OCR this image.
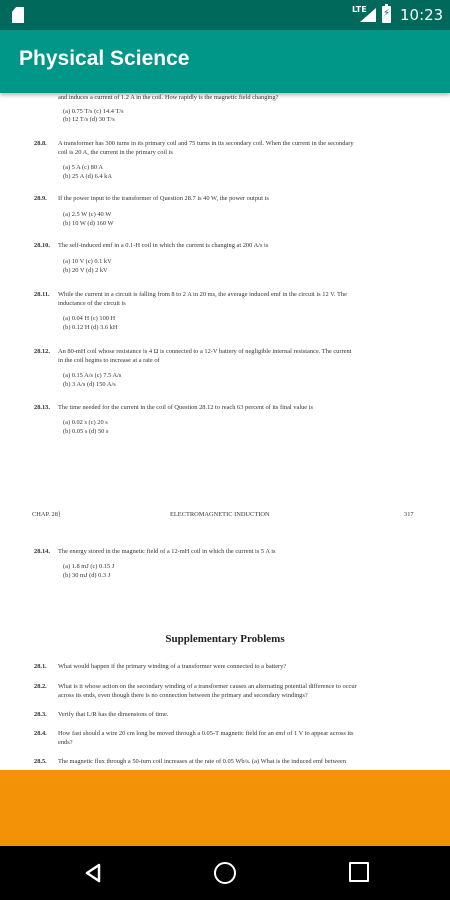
LTE ⚡ 10:23
Physical Science
and induces a current of 1.2 A in the coil. How rapidly is the magnetic field changing?
(a) 0.75 T/s (c) 14.4 T/s
(b) 12 T/s (d) 30 T/s
28.8. A transformer has 300 turns in its primary coil and 75 turns in its secondary coil. When the current in the secondary
coil is 20 A, the current in the primary coil is
(a) 5 A (c) 80 A
(b) 25 A (d) 6.4 kA
28.9. If the power input to the transformer of Question 28.7 is 40 W, the power output is
(a) 2.5 W (c) 40 W
(b) 10 W (d) 160 W
28.10. The self-induced emf in a 0.1-H coil in which the current is changing at 200 A/s is
(a) 10 V (c) 0.1 kV
(b) 20 V (d) 2 kV
28.11. While the current in a circuit is falling from 8 to 2 A in 20 ms, the average induced emf in the circuit is 12 V. The
inductance of the circuit is
(a) 0.04 H (c) 100 H
(b) 0.12 H (d) 3.6 kH
28.12. An 80-mH coil whose resistance is 4 Ω is connected to a 12-V battery of negligible internal resistance. The current
in the coil begins to increase at a rate of
(a) 0.15 A/s (c) 7.5 A/s
(b) 3 A/s (d) 150 A/s
28.13. The time needed for the current in the coil of Question 28.12 to reach 63 percent of its final value is
(a) 0.02 s (c) 20 s
(b) 0.05 s (d) 50 s
CHAP. 28]	ELECTROMAGNETIC INDUCTION	317
28.14. The energy stored in the magnetic field of a 12-mH coil in which the current is 5 A is
(a) 1.8 mJ (c) 0.15 J
(b) 30 mJ (d) 0.3 J
Supplementary Problems
28.1. What would happen if the primary winding of a transformer were connected to a battery?
28.2. What is it whose action on the secondary winding of a transformer causes an alternating potential difference to occur
across its ends, even though there is no connection between the primary and secondary windings?
28.3. Verify that L/R has the dimensions of time.
28.4. How fast should a wire 20 cm long be moved through a 0.05-T magnetic field for an emf of 1 V to appear across its
ends?
28.5. The magnetic flux through a 50-turn coil increases at the rate of 0.05 Wb/s. (a) What is the induced emf between
